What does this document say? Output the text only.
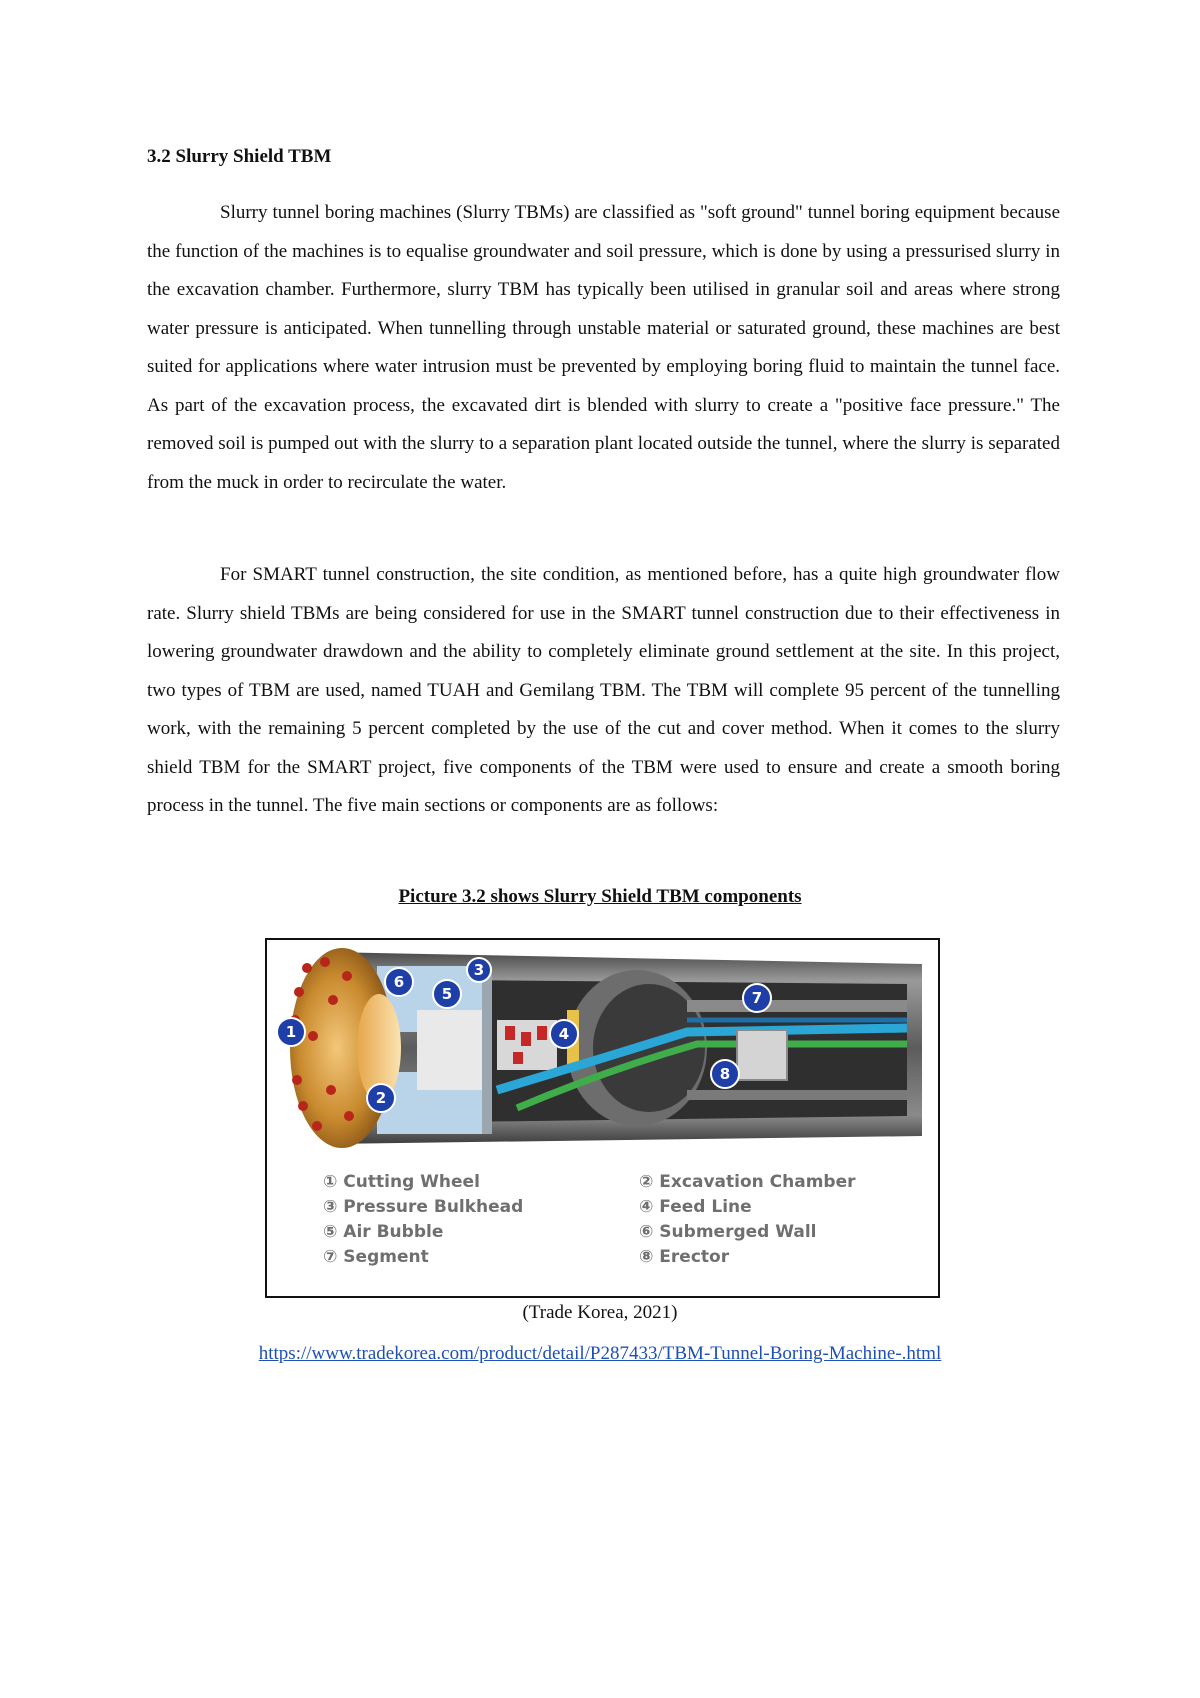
3.2 Slurry Shield TBM

Slurry tunnel boring machines (Slurry TBMs) are classified as "soft ground" tunnel boring equipment because the function of the machines is to equalise groundwater and soil pressure, which is done by using a pressurised slurry in the excavation chamber. Furthermore, slurry TBM has typically been utilised in granular soil and areas where strong water pressure is anticipated. When tunnelling through unstable material or saturated ground, these machines are best suited for applications where water intrusion must be prevented by employing boring fluid to maintain the tunnel face. As part of the excavation process, the excavated dirt is blended with slurry to create a "positive face pressure." The removed soil is pumped out with the slurry to a separation plant located outside the tunnel, where the slurry is separated from the muck in order to recirculate the water.

For SMART tunnel construction, the site condition, as mentioned before, has a quite high groundwater flow rate. Slurry shield TBMs are being considered for use in the SMART tunnel construction due to their effectiveness in lowering groundwater drawdown and the ability to completely eliminate ground settlement at the site. In this project, two types of TBM are used, named TUAH and Gemilang TBM. The TBM will complete 95 percent of the tunnelling work, with the remaining 5 percent completed by the use of the cut and cover method. When it comes to the slurry shield TBM for the SMART project, five components of the TBM were used to ensure and create a smooth boring process in the tunnel. The five main sections or components are as follows:

Picture 3.2 shows Slurry Shield TBM components
1
2
3
4
5
6
7
8
① Cutting Wheel	② Excavation Chamber
③ Pressure Bulkhead	④ Feed Line
⑤ Air Bubble	⑥ Submerged Wall
⑦ Segment	⑧ Erector
(Trade Korea, 2021)
https://www.tradekorea.com/product/detail/P287433/TBM-Tunnel-Boring-Machine-.html
